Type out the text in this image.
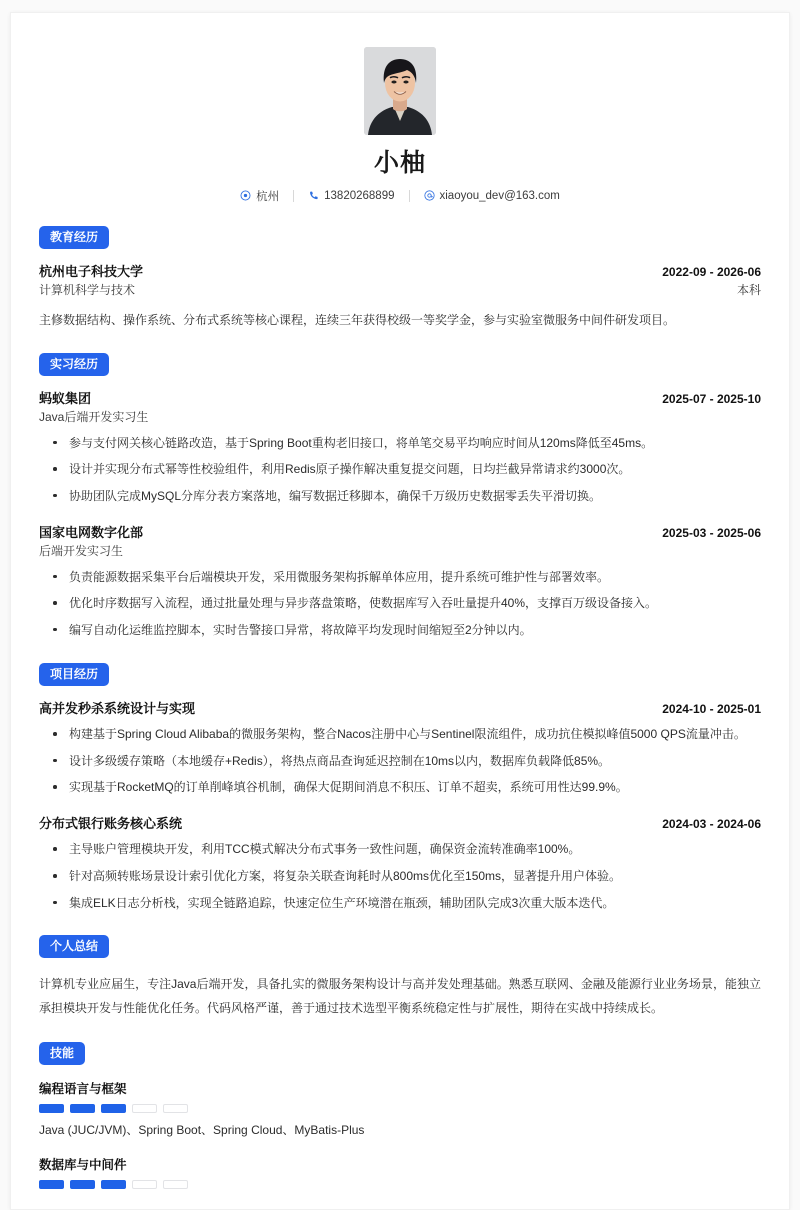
小柚
杭州	13820268899	xiaoyou_dev@163.com
教育经历
杭州电子科技大学	2022-09 - 2026-06
计算机科学与技术	本科
主修数据结构、操作系统、分布式系统等核心课程，连续三年获得校级一等奖学金，参与实验室微服务中间件研发项目。
实习经历
蚂蚁集团	2025-07 - 2025-10
Java后端开发实习生
参与支付网关核心链路改造，基于Spring Boot重构老旧接口，将单笔交易平均响应时间从120ms降低至45ms。
设计并实现分布式幂等性校验组件，利用Redis原子操作解决重复提交问题，日均拦截异常请求约3000次。
协助团队完成MySQL分库分表方案落地，编写数据迁移脚本，确保千万级历史数据零丢失平滑切换。
国家电网数字化部	2025-03 - 2025-06
后端开发实习生
负责能源数据采集平台后端模块开发，采用微服务架构拆解单体应用，提升系统可维护性与部署效率。
优化时序数据写入流程，通过批量处理与异步落盘策略，使数据库写入吞吐量提升40%，支撑百万级设备接入。
编写自动化运维监控脚本，实时告警接口异常，将故障平均发现时间缩短至2分钟以内。
项目经历
高并发秒杀系统设计与实现	2024-10 - 2025-01
构建基于Spring Cloud Alibaba的微服务架构，整合Nacos注册中心与Sentinel限流组件，成功抗住模拟峰值5000 QPS流量冲击。
设计多级缓存策略（本地缓存+Redis），将热点商品查询延迟控制在10ms以内，数据库负载降低85%。
实现基于RocketMQ的订单削峰填谷机制，确保大促期间消息不积压、订单不超卖，系统可用性达99.9%。
分布式银行账务核心系统	2024-03 - 2024-06
主导账户管理模块开发，利用TCC模式解决分布式事务一致性问题，确保资金流转准确率100%。
针对高频转账场景设计索引优化方案，将复杂关联查询耗时从800ms优化至150ms，显著提升用户体验。
集成ELK日志分析栈，实现全链路追踪，快速定位生产环境潜在瓶颈，辅助团队完成3次重大版本迭代。
个人总结
计算机专业应届生，专注Java后端开发，具备扎实的微服务架构设计与高并发处理基础。熟悉互联网、金融及能源行业业务场景，能独立承担模块开发与性能优化任务。代码风格严谨，善于通过技术选型平衡系统稳定性与扩展性，期待在实战中持续成长。
技能
编程语言与框架
Java (JUC/JVM)、Spring Boot、Spring Cloud、MyBatis-Plus
数据库与中间件
